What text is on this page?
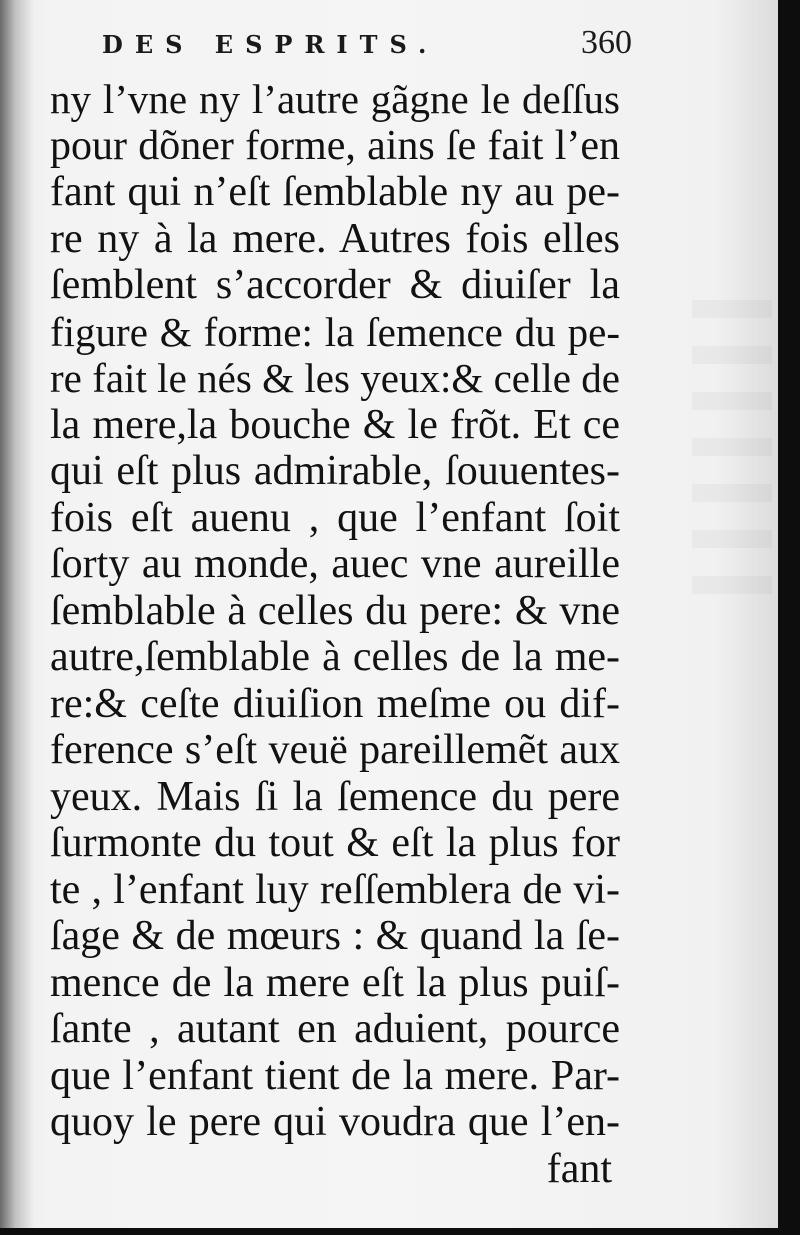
DES ESPRITS.	360
ny l’vne ny l’autre gãgne le deſſus
pour dõner forme, ains ſe fait l’en
fant qui n’eſt ſemblable ny au pe-
re ny à la mere. Autres fois elles
ſemblent s’accorder & diuiſer la
figure & forme: la ſemence du pe-
re fait le nés & les yeux:& celle de
la mere,la bouche & le frõt. Et ce
qui eſt plus admirable, ſouuentes-
fois eſt auenu , que l’enfant ſoit
ſorty au monde, auec vne aureille
ſemblable à celles du pere: & vne
autre,ſemblable à celles de la me-
re:& ceſte diuiſion meſme ou dif-
ference s’eſt veuë pareillemẽt aux
yeux. Mais ſi la ſemence du pere
ſurmonte du tout & eſt la plus for
te , l’enfant luy reſſemblera de vi-
ſage & de mœurs : & quand la ſe-
mence de la mere eſt la plus puiſ-
ſante , autant en aduient, pource
que l’enfant tient de la mere. Par-
quoy le pere qui voudra que l’en-
fant
